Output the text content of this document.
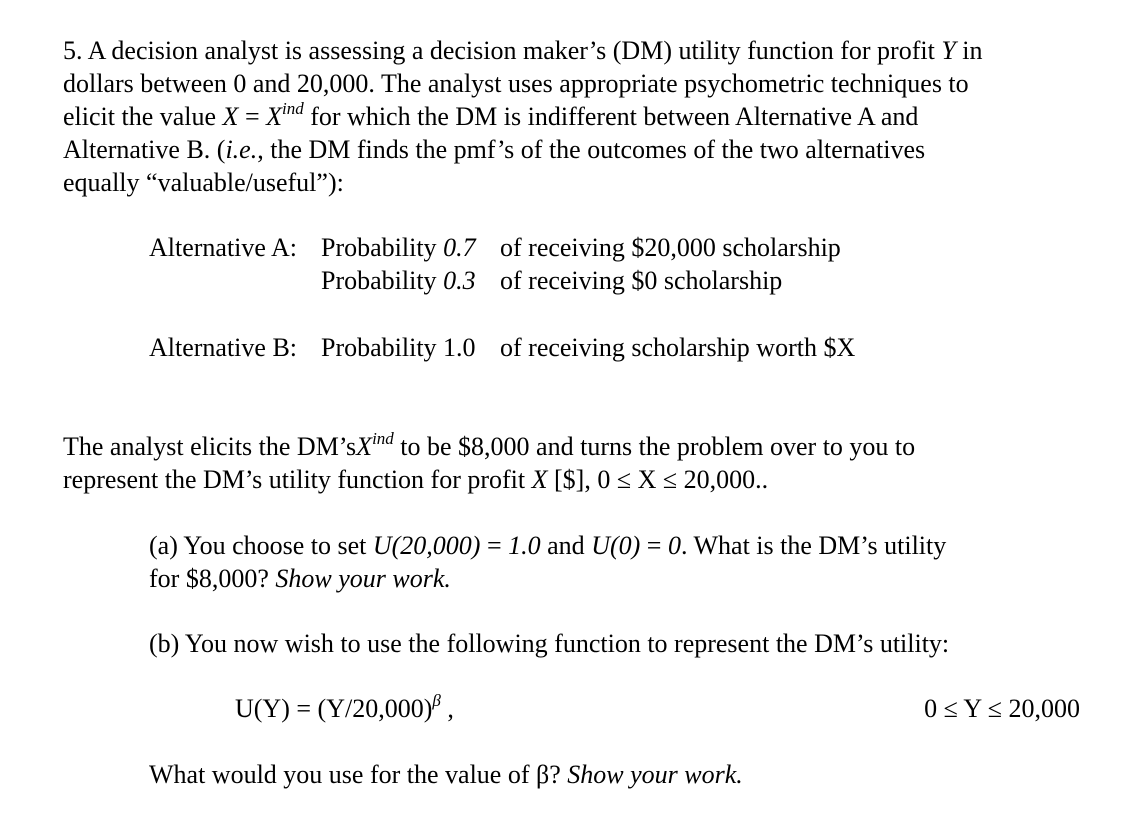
5. A decision analyst is assessing a decision maker’s (DM) utility function for profit Y in
dollars between 0 and 20,000. The analyst uses appropriate psychometric techniques to
elicit the value $X = X^{ind}$ for which the DM is indifferent between Alternative A and
Alternative B. (i.e., the DM finds the pmf’s of the outcomes of the two alternatives
equally “valuable/useful”):
Alternative A: Probability 0.7 of receiving $20,000 scholarship
Probability 0.3 of receiving $0 scholarship
Alternative B: Probability 1.0 of receiving scholarship worth $X
The analyst elicits the $DM’sX^{ind}$ to be $8,000 and turns the problem over to you to
represent the DM’s utility function for profit X [$], 0 ≤ X ≤ 20,000..
(a) You choose to set U(20,000) = 1.0 and U(0) = 0. What is the DM’s utility
for $8,000? Show your work.
(b) You now wish to use the following function to represent the DM’s utility:
$U(Y) = (Y/20,000)^\beta$ ,	0 ≤ Y ≤ 20,000
What would you use for the value of β? Show your work.
